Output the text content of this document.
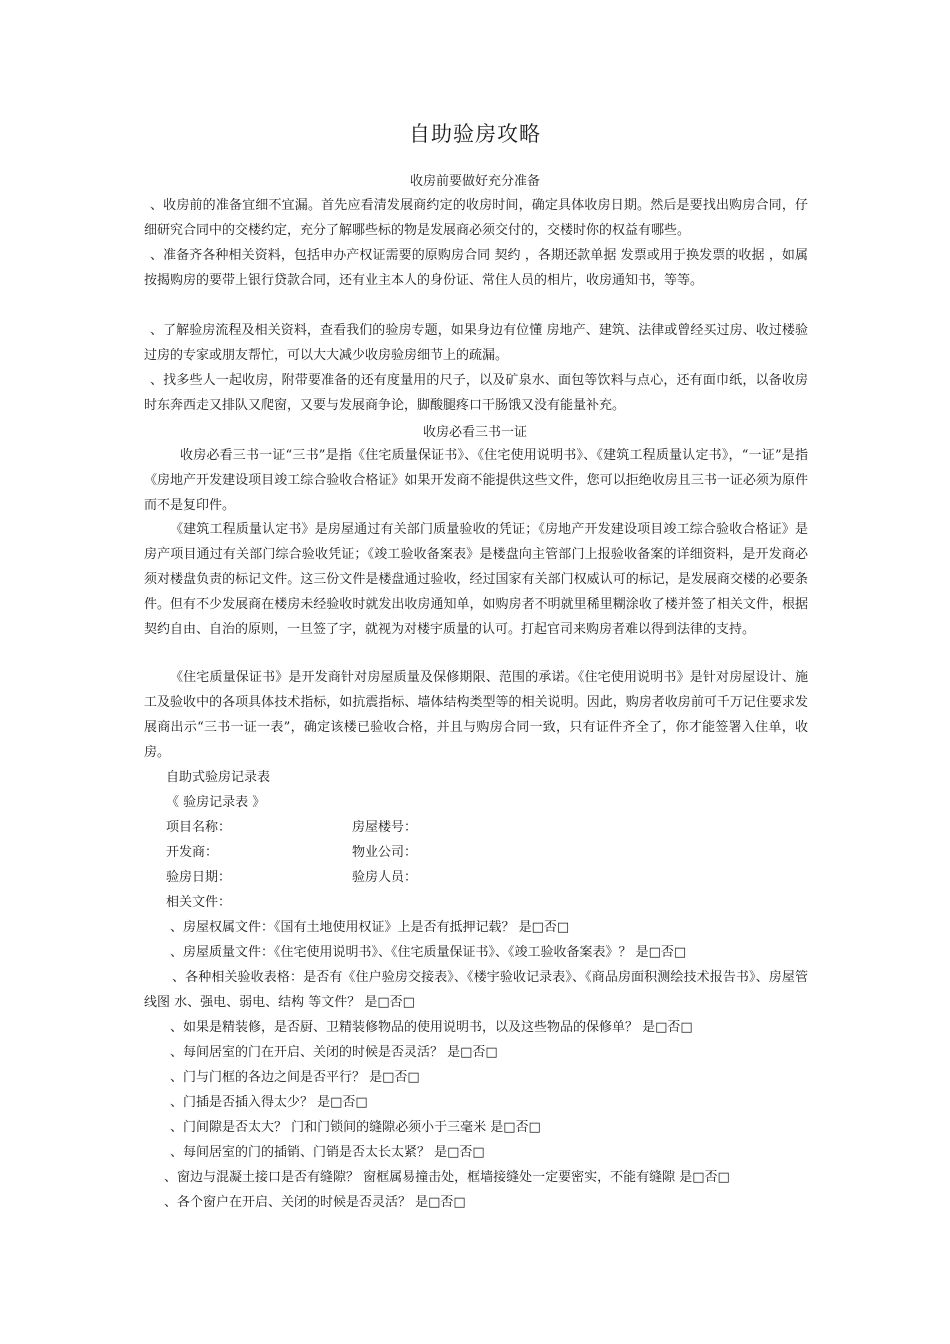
自助验房攻略
收房前要做好充分准备
、收房前的准备宜细不宜漏。首先应看清发展商约定的收房时间，确定具体收房日期。然后是要找出购房合同，仔细研究合同中的交楼约定，充分了解哪些标的物是发展商必须交付的，交楼时你的权益有哪些。
、准备齐各种相关资料，包括申办产权证需要的原购房合同 契约 ，各期还款单据 发票或用于换发票的收据 ，如属按揭购房的要带上银行贷款合同，还有业主本人的身份证、常住人员的相片，收房通知书，等等。
、了解验房流程及相关资料，查看我们的验房专题，如果身边有位懂 房地产、建筑、法律或曾经买过房、收过楼验过房的专家或朋友帮忙，可以大大减少收房验房细节上的疏漏。
、找多些人一起收房，附带要准备的还有度量用的尺子，以及矿泉水、面包等饮料与点心，还有面巾纸，以备收房时东奔西走又排队又爬窗，又要与发展商争论，脚酸腿疼口干肠饿又没有能量补充。
收房必看三书一证
收房必看三书一证“三书”是指《住宅质量保证书》、《住宅使用说明书》、《建筑工程质量认定书》，“一证”是指《房地产开发建设项目竣工综合验收合格证》如果开发商不能提供这些文件，您可以拒绝收房且三书一证必须为原件而不是复印件。
《建筑工程质量认定书》是房屋通过有关部门质量验收的凭证；《房地产开发建设项目竣工综合验收合格证》是房产项目通过有关部门综合验收凭证；《竣工验收备案表》是楼盘向主管部门上报验收备案的详细资料，是开发商必须对楼盘负责的标记文件。这三份文件是楼盘通过验收，经过国家有关部门权威认可的标记，是发展商交楼的必要条件。但有不少发展商在楼房未经验收时就发出收房通知单，如购房者不明就里稀里糊涂收了楼并签了相关文件，根据契约自由、自治的原则，一旦签了字，就视为对楼宇质量的认可。打起官司来购房者难以得到法律的支持。
《住宅质量保证书》是开发商针对房屋质量及保修期限、范围的承诺。《住宅使用说明书》是针对房屋设计、施工及验收中的各项具体技术指标，如抗震指标、墙体结构类型等的相关说明。因此，购房者收房前可千万记住要求发展商出示“三书一证一表”，确定该楼已验收合格，并且与购房合同一致，只有证件齐全了，你才能签署入住单，收房。
自助式验房记录表
《 验房记录表 》
项目名称：	房屋楼号：
开发商：	物业公司：
验房日期：	验房人员：
相关文件：
、房屋权属文件：《国有土地使用权证》上是否有抵押记载？ 是□否□
、房屋质量文件：《住宅使用说明书》、《住宅质量保证书》、《竣工验收备案表》？ 是□否□
、各种相关验收表格：是否有《住户验房交接表》、《楼宇验收记录表》、《商品房面积测绘技术报告书》、房屋管线图 水、强电、弱电、结构 等文件？ 是□否□
、如果是精装修，是否厨、卫精装修物品的使用说明书，以及这些物品的保修单？ 是□否□
、每间居室的门在开启、关闭的时候是否灵活？ 是□否□
、门与门框的各边之间是否平行？ 是□否□
、门插是否插入得太少？ 是□否□
、门间隙是否太大？ 门和门锁间的缝隙必须小于三毫米 是□否□
、每间居室的门的插销、门销是否太长太紧？ 是□否□
、窗边与混凝土接口是否有缝隙？ 窗框属易撞击处，框墙接缝处一定要密实，不能有缝隙 是□否□
、各个窗户在开启、关闭的时候是否灵活？ 是□否□
